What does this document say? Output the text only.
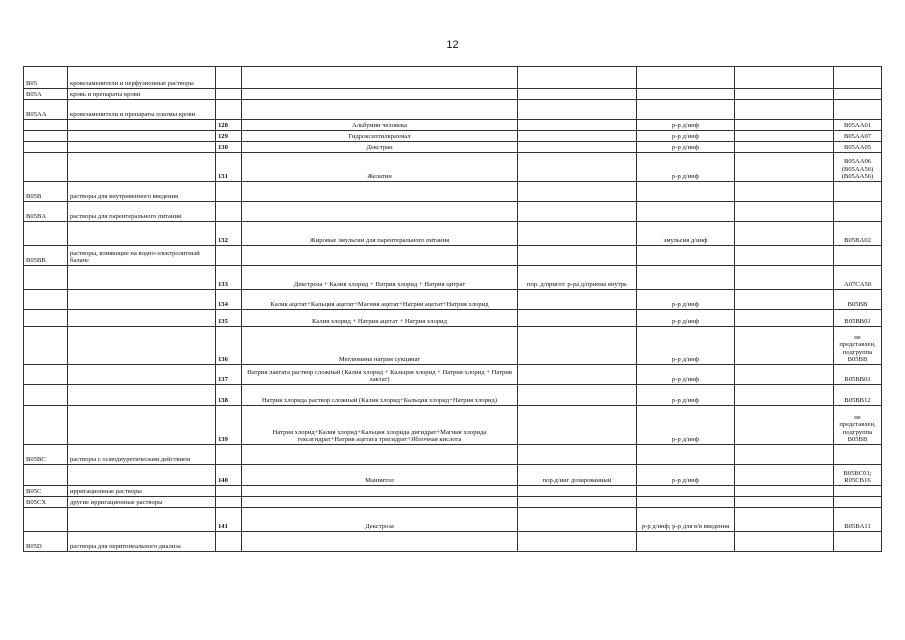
12
B05	кровезаменители и перфузионные растворы						
B05A	кровь и препараты крови						
B05AA	кровезаменители и препараты плазмы крови						
		128	Альбумин человека		р-р д/инф		B05AA01
		129	Гидроксиэтилкрахмал		р-р д/инф		B05AA07
		130	Декстран		р-р д/инф		B05AA05
		131	Желатин		р-р д/инф		B05AA06 (B05AA56) (B05AA56)
B05B	растворы для внутривенного введения						
B05BA	растворы для парентерального питания						
		132	Жировые эмульсии для парентерального питания		эмульсия д/инф		B05BA02
B05BB	растворы, влияющие на водно-электролитный баланс						
		133	Декстроза + Калия хлорид + Натрия хлорид + Натрия цитрат	пор. д/пригот. р-ра д/приема внутрь			A07CA50
		134	Калия ацетат+Кальция ацетат+Магния ацетат+Натрия ацетат+Натрия хлорид		р-р д/инф		B05BB
		135	Калия хлорид + Натрия ацетат + Натрия хлорид		р-р д/инф		B05BB01
		136	Меглюмина натрия сукцинат		р-р д/инф		не представлен, подгруппа B05BB
		137	Натрия лактата раствор сложный (Калия хлорид + Кальция хлорид + Натрия хлорид + Натрия лактат)		р-р д/инф		B05BB01
		138	Натрия хлорида раствор сложный (Калия хлорид+Кальция хлорид+Натрия хлорид)		р-р д/инф		B05BB12
		139	Натрия хлорид+Калия хлорид+Кальция хлорида дигидрат+Магния хлорида гексагидрат+Натрия ацетата тригидрат+Яблочная кислота		р-р д/инф		не представлен, подгруппа B05BB
B05BC	растворы с осмодиуретическим действием						
		140	Маннитол	пор.д/инг дозированный	р-р д/инф		B05BC01; R05CB16
B05C	ирригационные растворы						
B05CX	другие ирригационные растворы						
		141	Декстроза		р-р д/инф; р-р для в/в введения		B05BA11
B05D	растворы для перитонеального диализа						
